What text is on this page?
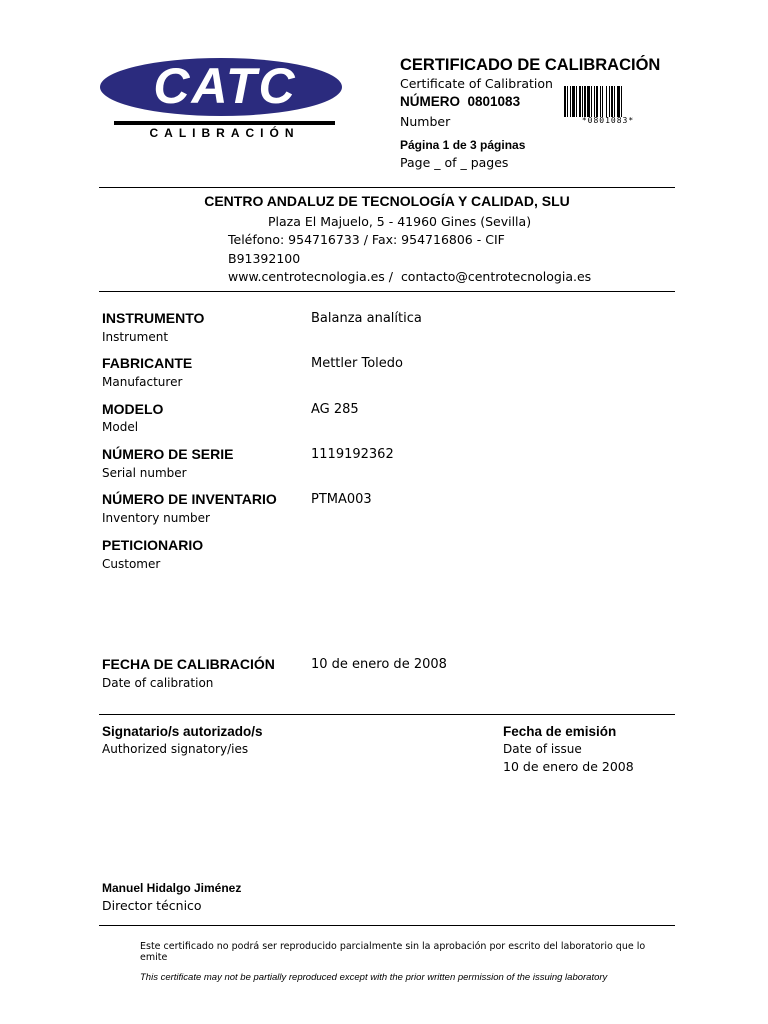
CATC
CALIBRACIÓN
CERTIFICADO DE CALIBRACIÓN
Certificate of Calibration
NÚMERO 0801083
Number
Página 1 de 3 páginas
Page _ of _ pages
*0801083*
CENTRO ANDALUZ DE TECNOLOGÍA Y CALIDAD, SLU
Plaza El Majuelo, 5 - 41960 Gines (Sevilla)
Teléfono: 954716733 / Fax: 954716806 - CIF
B91392100
www.centrotecnologia.es / contacto@centrotecnologia.es
INSTRUMENTO
Instrument
Balanza analítica
FABRICANTE
Manufacturer
Mettler Toledo
MODELO
Model
AG 285
NÚMERO DE SERIE
Serial number
1119192362
NÚMERO DE INVENTARIO
Inventory number
PTMA003
PETICIONARIO
Customer
FECHA DE CALIBRACIÓN
Date of calibration
10 de enero de 2008
Signatario/s autorizado/s
Authorized signatory/ies
Fecha de emisión
Date of issue
10 de enero de 2008
Manuel Hidalgo Jiménez
Director técnico
Este certificado no podrá ser reproducido parcialmente sin la aprobación por escrito del laboratorio que lo
emite
This certificate may not be partially reproduced except with the prior written permission of the issuing laboratory
